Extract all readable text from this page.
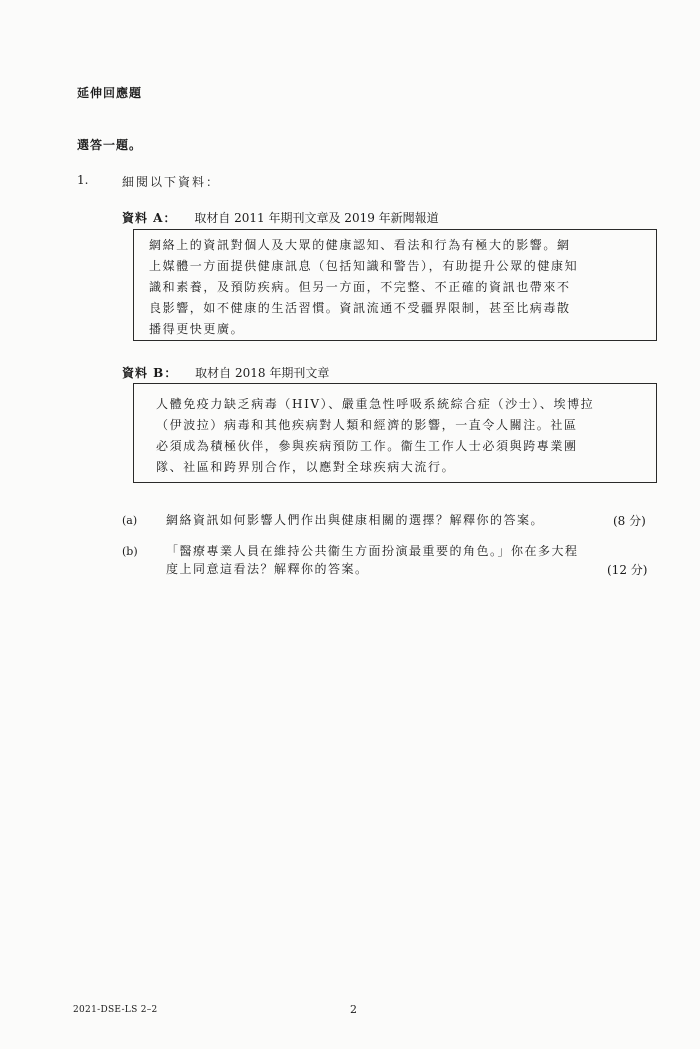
延伸回應題
選答一題。
1.	細閱以下資料：
資料 A： 取材自 2011 年期刊文章及 2019 年新聞報道
網絡上的資訊對個人及大眾的健康認知、看法和行為有極大的影響。網
上媒體一方面提供健康訊息（包括知識和警告），有助提升公眾的健康知
識和素養，及預防疾病。但另一方面，不完整、不正確的資訊也帶來不
良影響，如不健康的生活習慣。資訊流通不受疆界限制，甚至比病毒散
播得更快更廣。
資料 B： 取材自 2018 年期刊文章
人體免疫力缺乏病毒（HIV）、嚴重急性呼吸系統綜合症（沙士）、埃博拉
（伊波拉）病毒和其他疾病對人類和經濟的影響，一直令人關注。社區
必須成為積極伙伴，參與疾病預防工作。衞生工作人士必須與跨專業團
隊、社區和跨界別合作，以應對全球疾病大流行。
(a) 網絡資訊如何影響人們作出與健康相關的選擇？解釋你的答案。	(8 分)
(b) 「醫療專業人員在維持公共衞生方面扮演最重要的角色。」你在多大程
度上同意這看法？解釋你的答案。	(12 分)
2021-DSE-LS 2–2	2
